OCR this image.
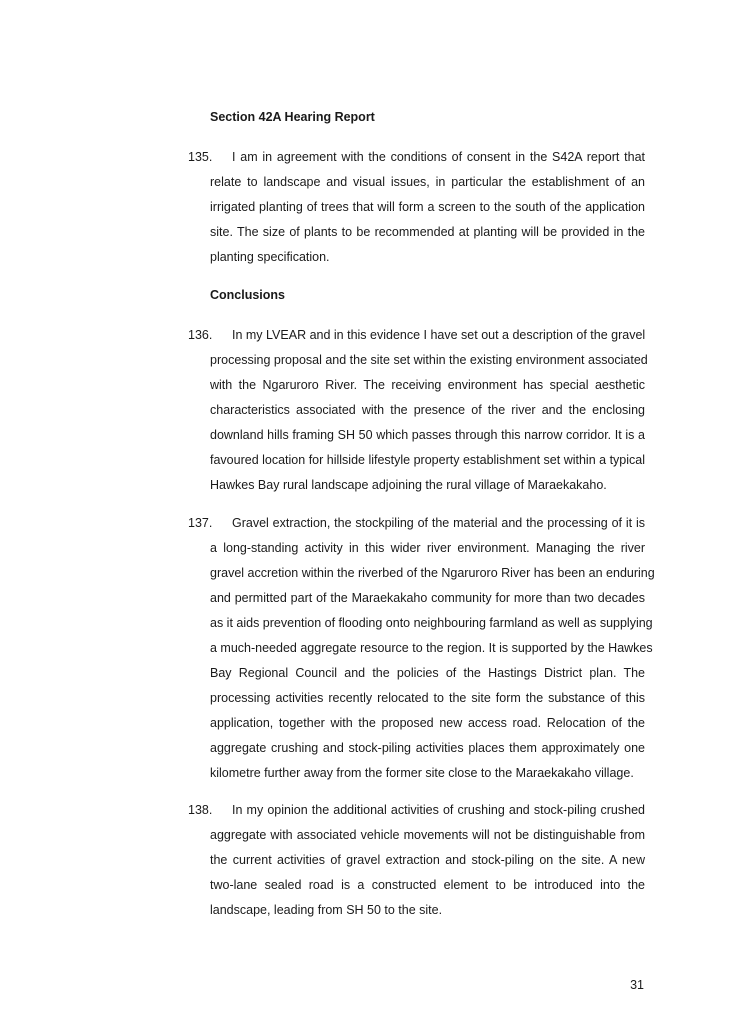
Section 42A Hearing Report
135. I am in agreement with the conditions of consent in the S42A report that
relate to landscape and visual issues, in particular the establishment of an
irrigated planting of trees that will form a screen to the south of the application
site. The size of plants to be recommended at planting will be provided in the
planting specification.
Conclusions
136. In my LVEAR and in this evidence I have set out a description of the gravel
processing proposal and the site set within the existing environment associated
with the Ngaruroro River. The receiving environment has special aesthetic
characteristics associated with the presence of the river and the enclosing
downland hills framing SH 50 which passes through this narrow corridor. It is a
favoured location for hillside lifestyle property establishment set within a typical
Hawkes Bay rural landscape adjoining the rural village of Maraekakaho.
137. Gravel extraction, the stockpiling of the material and the processing of it is
a long-standing activity in this wider river environment. Managing the river
gravel accretion within the riverbed of the Ngaruroro River has been an enduring
and permitted part of the Maraekakaho community for more than two decades
as it aids prevention of flooding onto neighbouring farmland as well as supplying
a much-needed aggregate resource to the region. It is supported by the Hawkes
Bay Regional Council and the policies of the Hastings District plan. The
processing activities recently relocated to the site form the substance of this
application, together with the proposed new access road. Relocation of the
aggregate crushing and stock-piling activities places them approximately one
kilometre further away from the former site close to the Maraekakaho village.
138. In my opinion the additional activities of crushing and stock-piling crushed
aggregate with associated vehicle movements will not be distinguishable from
the current activities of gravel extraction and stock-piling on the site. A new
two-lane sealed road is a constructed element to be introduced into the
landscape, leading from SH 50 to the site.
31
